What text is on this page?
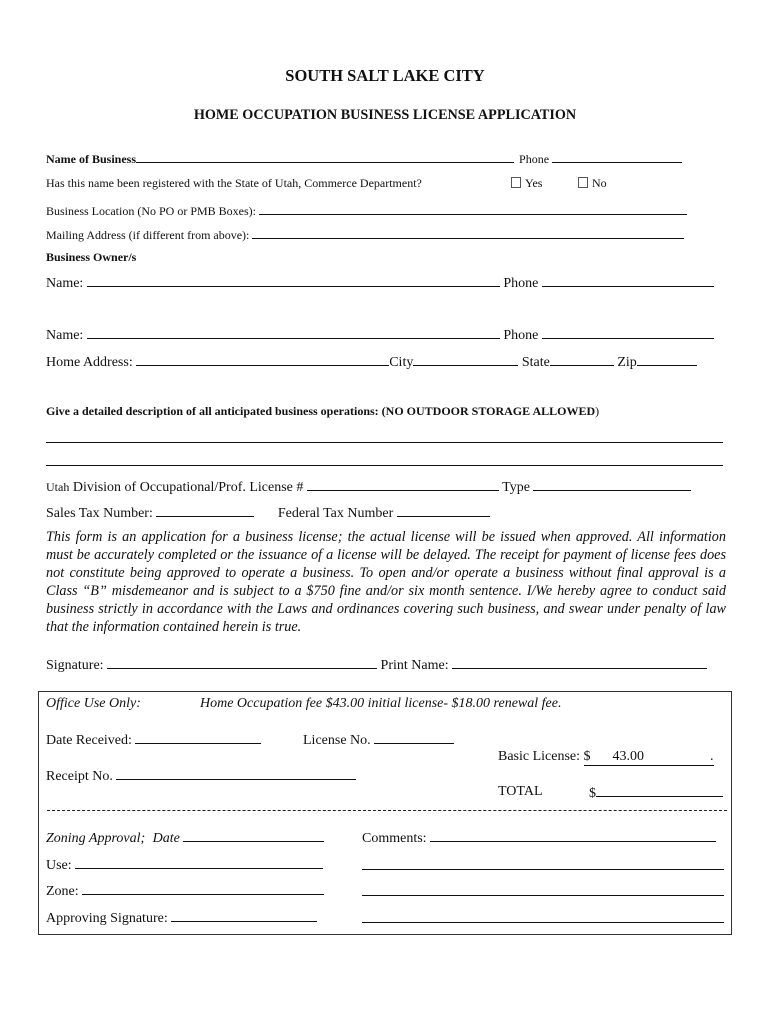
SOUTH SALT LAKE CITY
HOME OCCUPATION BUSINESS LICENSE APPLICATION
Name of Business	Phone
Has this name been registered with the State of Utah, Commerce Department?	Yes	No
Business Location (No PO or PMB Boxes):
Mailing Address (if different from above):
Business Owner/s
Name:	Phone
Name:	Phone
Home Address:	City	State	Zip
Give a detailed description of all anticipated business operations: (NO OUTDOOR STORAGE ALLOWED)
Utah Division of Occupational/Prof. License #	Type
Sales Tax Number:	Federal Tax Number
This form is an application for a business license; the actual license will be issued when approved. All information must be accurately completed or the issuance of a license will be delayed. The receipt for payment of license fees does not constitute being approved to operate a business. To open and/or operate a business without final approval is a Class “B” misdemeanor and is subject to a $750 fine and/or six month sentence. I/We hereby agree to conduct said business strictly in accordance with the Laws and ordinances covering such business, and swear under penalty of law that the information contained herein is true.
Signature:	Print Name:
Office Use Only:	Home Occupation fee $43.00 initial license- $18.00 renewal fee.
Date Received:	License No.
Basic License: $ 43.00	.
Receipt No.
TOTAL	$
Zoning Approval; Date	Comments:
Use:
Zone:
Approving Signature:
